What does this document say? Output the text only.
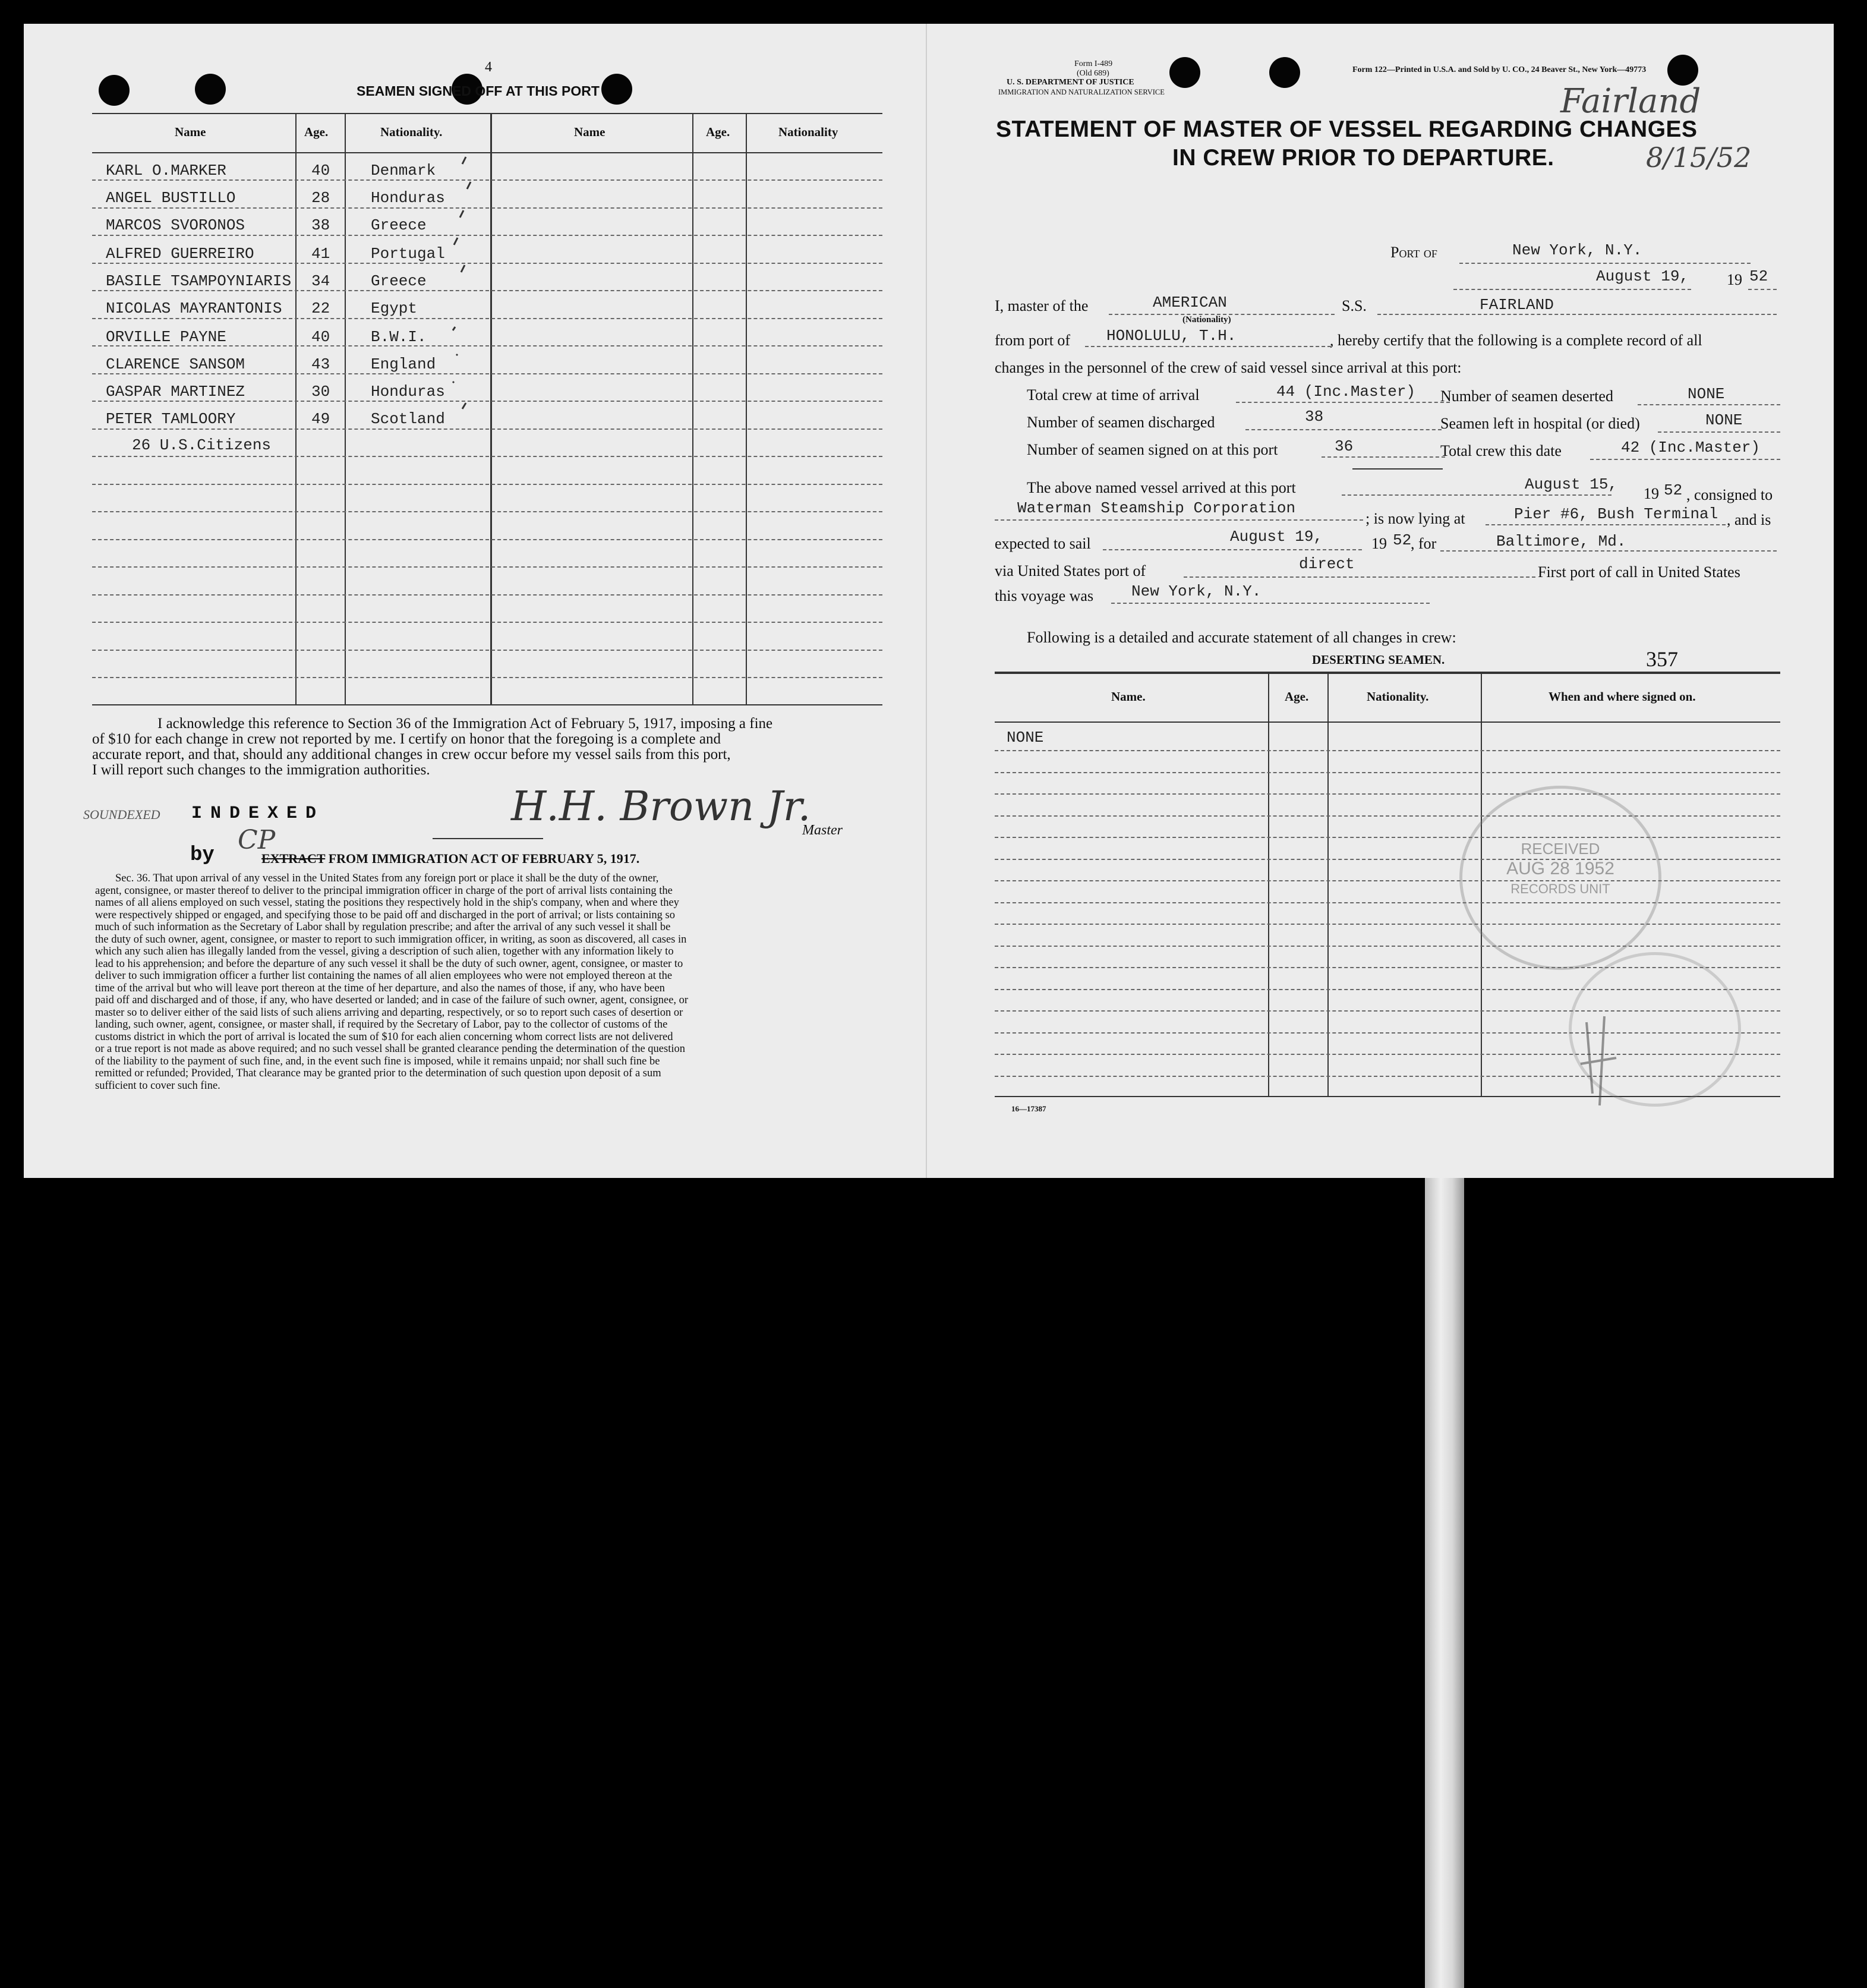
4
SEAMEN SIGNED OFF AT THIS PORT
Name	Age.	Nationality.	Name	Age.	Nationality
KARL O.MARKER	40	Denmark
ANGEL BUSTILLO	28	Honduras
MARCOS SVORONOS	38	Greece
ALFRED GUERREIRO	41	Portugal
BASILE TSAMPOYNIARIS 34	Greece
NICOLAS MAYRANTONIS 22	Egypt
ORVILLE PAYNE	40	B.W.I.
CLARENCE SANSOM	43	England
GASPAR MARTINEZ	30	Honduras
PETER TAMLOORY	49	Scotland
26 U.S.Citizens
I acknowledge this reference to Section 36 of the Immigration Act of February 5, 1917, imposing a fine
of $10 for each change in crew not reported by me. I certify on honor that the foregoing is a complete and
accurate report, and that, should any additional changes in crew occur before my vessel sails from this port,
I will report such changes to the immigration authorities.
SOUNDEXED INDEXED
by CP
H.H. Brown Jr.
Master
EXTRACT FROM IMMIGRATION ACT OF FEBRUARY 5, 1917.
Sec. 36. That upon arrival of any vessel in the United States from any foreign port or place it shall be the duty of the owner,
agent, consignee, or master thereof to deliver to the principal immigration officer in charge of the port of arrival lists containing the
names of all aliens employed on such vessel, stating the positions they respectively hold in the ship's company, when and where they
were respectively shipped or engaged, and specifying those to be paid off and discharged in the port of arrival; or lists containing so
much of such information as the Secretary of Labor shall by regulation prescribe; and after the arrival of any such vessel it shall be
the duty of such owner, agent, consignee, or master to report to such immigration officer, in writing, as soon as discovered, all cases in
which any such alien has illegally landed from the vessel, giving a description of such alien, together with any information likely to
lead to his apprehension; and before the departure of any such vessel it shall be the duty of such owner, agent, consignee, or master to
deliver to such immigration officer a further list containing the names of all alien employees who were not employed thereon at the
time of the arrival but who will leave port thereon at the time of her departure, and also the names of those, if any, who have been
paid off and discharged and of those, if any, who have deserted or landed; and in case of the failure of such owner, agent, consignee, or
master so to deliver either of the said lists of such aliens arriving and departing, respectively, or so to report such cases of desertion or
landing, such owner, agent, consignee, or master shall, if required by the Secretary of Labor, pay to the collector of customs of the
customs district in which the port of arrival is located the sum of $10 for each alien concerning whom correct lists are not delivered
or a true report is not made as above required; and no such vessel shall be granted clearance pending the determination of the question
of the liability to the payment of such fine, and, in the event such fine is imposed, while it remains unpaid; nor shall such fine be
remitted or refunded; Provided, That clearance may be granted prior to the determination of such question upon deposit of a sum
sufficient to cover such fine.
Form I-489
(Old 689)
U. S. DEPARTMENT OF JUSTICE
IMMIGRATION AND NATURALIZATION SERVICE
Form 122—Printed in U.S.A. and Sold by U. CO., 24 Beaver St., New York—49773
Fairland
8/15/52
STATEMENT OF MASTER OF VESSEL REGARDING CHANGES
IN CREW PRIOR TO DEPARTURE.
Port of	New York, N.Y.
August 19, 19 52
I, master of the	AMERICAN
(Nationality)
S.S.	FAIRLAND
from port of HONOLULU, T.H.	, hereby certify that the following is a complete record of all
changes in the personnel of the crew of said vessel since arrival at this port:
Total crew at time of arrival	44 (Inc.Master)
Number of seamen discharged	38
Number of seamen signed on at this port	36
Number of seamen deserted	NONE
Seamen left in hospital (or died)	NONE
Total crew this date	42 (Inc.Master)
The above named vessel arrived at this port	August 15,
19 52 , consigned to
Waterman Steamship Corporation
; is now lying at	Pier #6, Bush Terminal , and is
expected to sail	August 19,	19 52
, for	Baltimore, Md.
via United States port of	direct	First port of call in United States
this voyage was New York, N.Y.
Following is a detailed and accurate statement of all changes in crew:
DESERTING SEAMEN.	357
Name.	Age.	Nationality.	When and where signed on.
NONE
RECEIVED
AUG 28 1952
RECORDS UNIT
16—17387
